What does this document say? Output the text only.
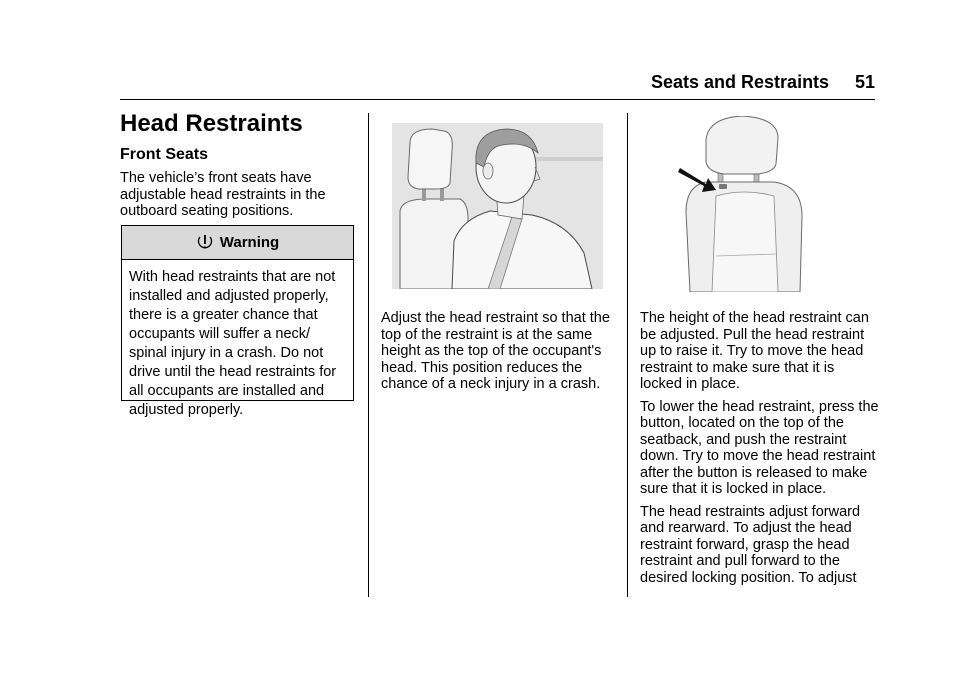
Seats and Restraints 51
Head Restraints
Front Seats

The vehicle’s front seats have adjustable head restraints in the outboard seating positions.

Warning
With head restraints that are not installed and adjusted properly, there is a greater chance that occupants will suffer a neck/ spinal injury in a crash. Do not drive until the head restraints for all occupants are installed and adjusted properly.

Adjust the head restraint so that the top of the restraint is at the same height as the top of the occupant's head. This position reduces the chance of a neck injury in a crash.

The height of the head restraint can be adjusted. Pull the head restraint up to raise it. Try to move the head restraint to make sure that it is locked in place.

To lower the head restraint, press the button, located on the top of the seatback, and push the restraint down. Try to move the head restraint after the button is released to make sure that it is locked in place.

The head restraints adjust forward and rearward. To adjust the head restraint forward, grasp the head restraint and pull forward to the desired locking position. To adjust
